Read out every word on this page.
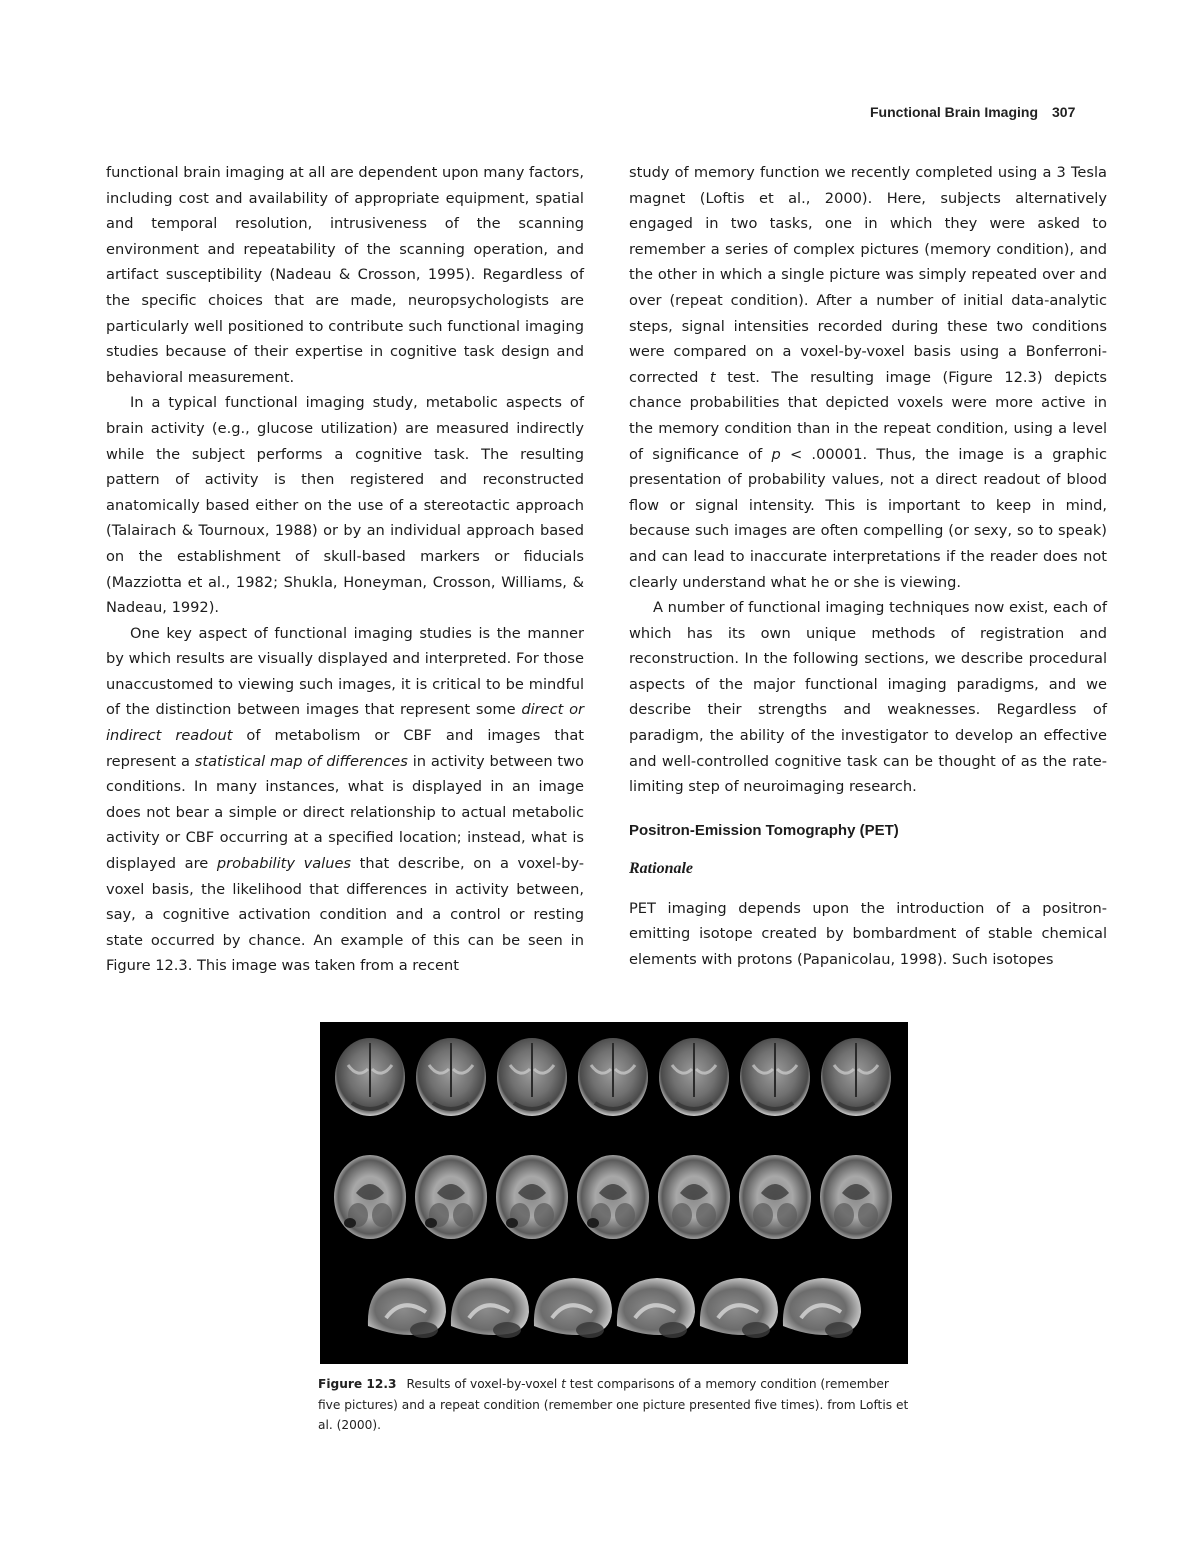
Functional Brain Imaging 307

functional brain imaging at all are dependent upon many factors, including cost and availability of appropriate equipment, spatial and temporal resolution, intrusiveness of the scanning environment and repeatability of the scanning operation, and artifact susceptibility (Nadeau & Crosson, 1995). Regardless of the specific choices that are made, neuropsychologists are particularly well positioned to contribute such functional imaging studies because of their expertise in cognitive task design and behavioral measurement.

In a typical functional imaging study, metabolic aspects of brain activity (e.g., glucose utilization) are measured indirectly while the subject performs a cognitive task. The resulting pattern of activity is then registered and reconstructed anatomically based either on the use of a stereotactic approach (Talairach & Tournoux, 1988) or by an individual approach based on the establishment of skull-based markers or fiducials (Mazziotta et al., 1982; Shukla, Honeyman, Crosson, Williams, & Nadeau, 1992).

One key aspect of functional imaging studies is the manner by which results are visually displayed and interpreted. For those unaccustomed to viewing such images, it is critical to be mindful of the distinction between images that represent some direct or indirect readout of metabolism or CBF and images that represent a statistical map of differences in activity between two conditions. In many instances, what is displayed in an image does not bear a simple or direct relationship to actual metabolic activity or CBF occurring at a specified location; instead, what is displayed are probability values that describe, on a voxel-by-voxel basis, the likelihood that differences in activity between, say, a cognitive activation condition and a control or resting state occurred by chance. An example of this can be seen in Figure 12.3. This image was taken from a recent

study of memory function we recently completed using a 3 Tesla magnet (Loftis et al., 2000). Here, subjects alternatively engaged in two tasks, one in which they were asked to remember a series of complex pictures (memory condition), and the other in which a single picture was simply repeated over and over (repeat condition). After a number of initial data-analytic steps, signal intensities recorded during these two conditions were compared on a voxel-by-voxel basis using a Bonferroni-corrected t test. The resulting image (Figure 12.3) depicts chance probabilities that depicted voxels were more active in the memory condition than in the repeat condition, using a level of significance of p < .00001. Thus, the image is a graphic presentation of probability values, not a direct readout of blood flow or signal intensity. This is important to keep in mind, because such images are often compelling (or sexy, so to speak) and can lead to inaccurate interpretations if the reader does not clearly understand what he or she is viewing.

A number of functional imaging techniques now exist, each of which has its own unique methods of registration and reconstruction. In the following sections, we describe procedural aspects of the major functional imaging paradigms, and we describe their strengths and weaknesses. Regardless of paradigm, the ability of the investigator to develop an effective and well-controlled cognitive task can be thought of as the rate-limiting step of neuroimaging research.

Positron-Emission Tomography (PET)
Rationale

PET imaging depends upon the introduction of a positron-emitting isotope created by bombardment of stable chemical elements with protons (Papanicolau, 1998). Such isotopes

Figure 12.3 Results of voxel-by-voxel t test comparisons of a memory condition (remember five pictures) and a repeat condition (remember one picture presented five times). from Loftis et al. (2000).
